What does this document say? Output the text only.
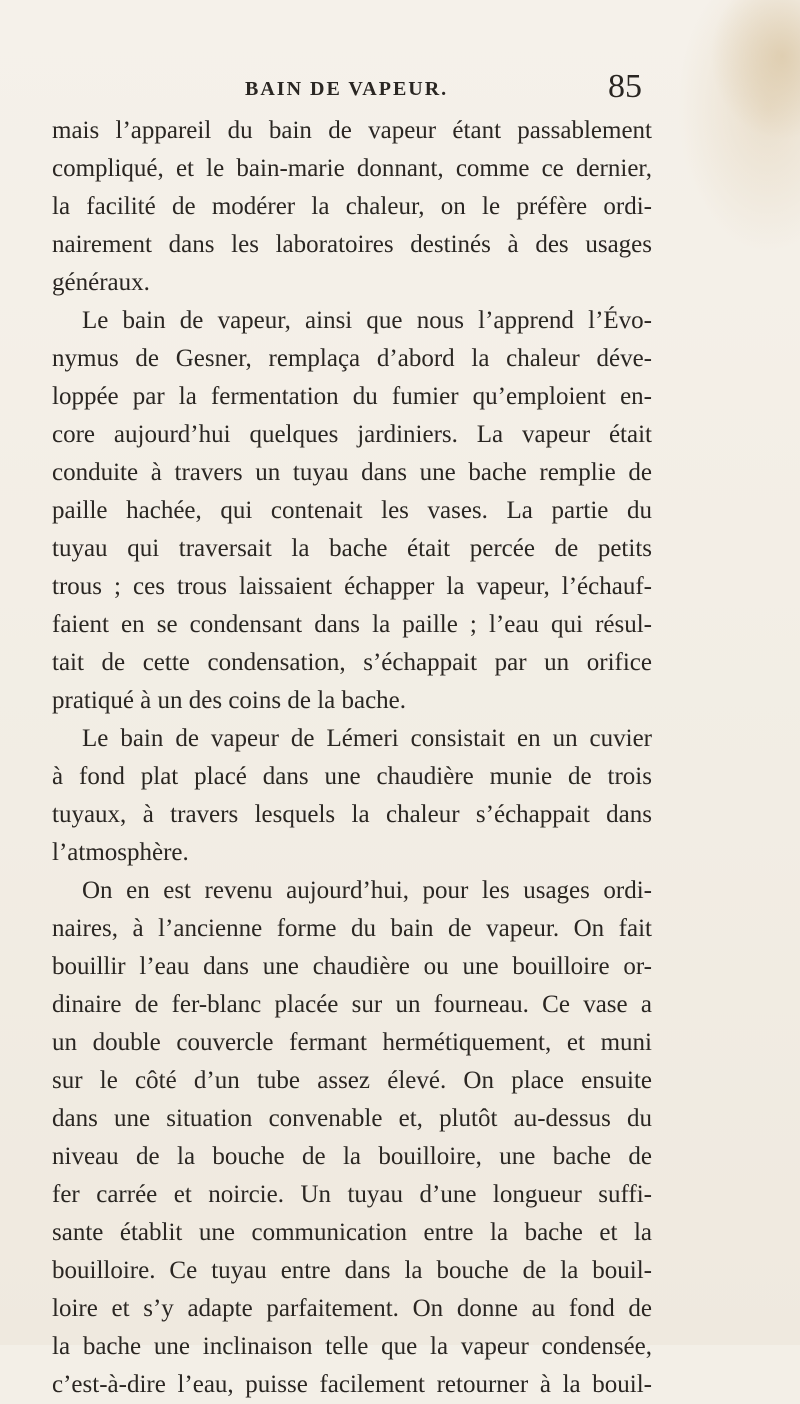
BAIN DE VAPEUR.	85
mais l’appareil du bain de vapeur étant passablement
compliqué, et le bain-marie donnant, comme ce dernier,
la facilité de modérer la chaleur, on le préfère ordi-
nairement dans les laboratoires destinés à des usages
généraux.
Le bain de vapeur, ainsi que nous l’apprend l’Évo-
nymus de Gesner, remplaça d’abord la chaleur déve-
loppée par la fermentation du fumier qu’emploient en-
core aujourd’hui quelques jardiniers. La vapeur était
conduite à travers un tuyau dans une bache remplie de
paille hachée, qui contenait les vases. La partie du
tuyau qui traversait la bache était percée de petits
trous ; ces trous laissaient échapper la vapeur, l’échauf-
faient en se condensant dans la paille ; l’eau qui résul-
tait de cette condensation, s’échappait par un orifice
pratiqué à un des coins de la bache.
Le bain de vapeur de Lémeri consistait en un cuvier
à fond plat placé dans une chaudière munie de trois
tuyaux, à travers lesquels la chaleur s’échappait dans
l’atmosphère.
On en est revenu aujourd’hui, pour les usages ordi-
naires, à l’ancienne forme du bain de vapeur. On fait
bouillir l’eau dans une chaudière ou une bouilloire or-
dinaire de fer-blanc placée sur un fourneau. Ce vase a
un double couvercle fermant hermétiquement, et muni
sur le côté d’un tube assez élevé. On place ensuite
dans une situation convenable et, plutôt au-dessus du
niveau de la bouche de la bouilloire, une bache de
fer carrée et noircie. Un tuyau d’une longueur suffi-
sante établit une communication entre la bache et la
bouilloire. Ce tuyau entre dans la bouche de la bouil-
loire et s’y adapte parfaitement. On donne au fond de
la bache une inclinaison telle que la vapeur condensée,
c’est-à-dire l’eau, puisse facilement retourner à la bouil-
